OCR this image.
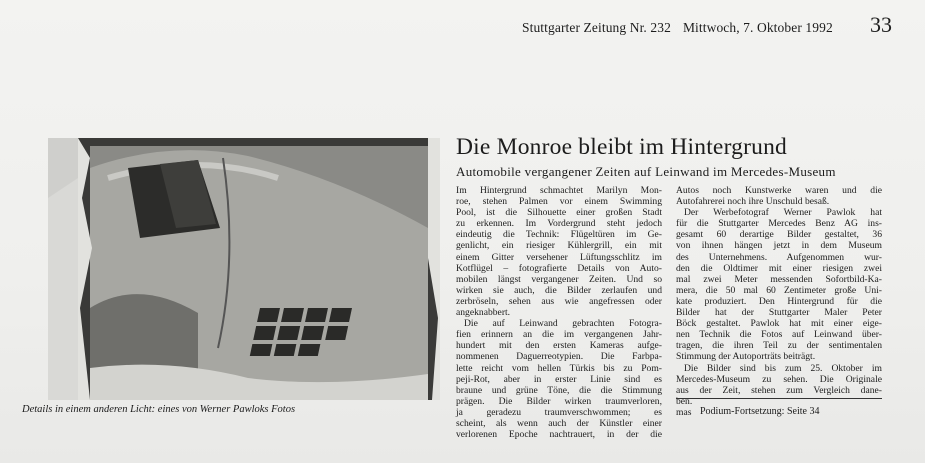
Stuttgarter Zeitung Nr. 232 Mittwoch, 7. Oktober 1992 33
Details in einem anderen Licht: eines von Werner Pawloks Fotos
Die Monroe bleibt im Hintergrund
Automobile vergangener Zeiten auf Leinwand im Mercedes-Museum

Im Hintergrund schmachtet Marilyn Mon-
roe, stehen Palmen vor einem Swimming
Pool, ist die Silhouette einer großen Stadt
zu erkennen. Im Vordergrund steht jedoch
eindeutig die Technik: Flügeltüren im Ge-
genlicht, ein riesiger Kühlergrill, ein mit
einem Gitter versehener Lüftungsschlitz im
Kotflügel – fotografierte Details von Auto-
mobilen längst vergangener Zeiten. Und so
wirken sie auch, die Bilder zerlaufen und
zerbröseln, sehen aus wie angefressen oder
angeknabbert.

Die auf Leinwand gebrachten Fotogra-
fien erinnern an die im vergangenen Jahr-
hundert mit den ersten Kameras aufge-
nommenen Daguerreotypien. Die Farbpa-
lette reicht vom hellen Türkis bis zu Pom-
peji-Rot, aber in erster Linie sind es
braune und grüne Töne, die die Stimmung
prägen. Die Bilder wirken traumverloren,
ja geradezu traumverschwommen; es
scheint, als wenn auch der Künstler einer
verlorenen Epoche nachtrauert, in der die

Autos noch Kunstwerke waren und die
Autofahrerei noch ihre Unschuld besaß.

Der Werbefotograf Werner Pawlok hat
für die Stuttgarter Mercedes Benz AG ins-
gesamt 60 derartige Bilder gestaltet, 36
von ihnen hängen jetzt in dem Museum
des Unternehmens. Aufgenommen wur-
den die Oldtimer mit einer riesigen zwei
mal zwei Meter messenden Sofortbild-Ka-
mera, die 50 mal 60 Zentimeter große Uni-
kate produziert. Den Hintergrund für die
Bilder hat der Stuttgarter Maler Peter
Böck gestaltet. Pawlok hat mit einer eige-
nen Technik die Fotos auf Leinwand über-
tragen, die ihren Teil zu der sentimentalen
Stimmung der Autoporträts beiträgt.

Die Bilder sind bis zum 25. Oktober im
Mercedes-Museum zu sehen. Die Originale
aus der Zeit, stehen zum Vergleich dane-
ben.
mas Podium-Fortsetzung: Seite 34
